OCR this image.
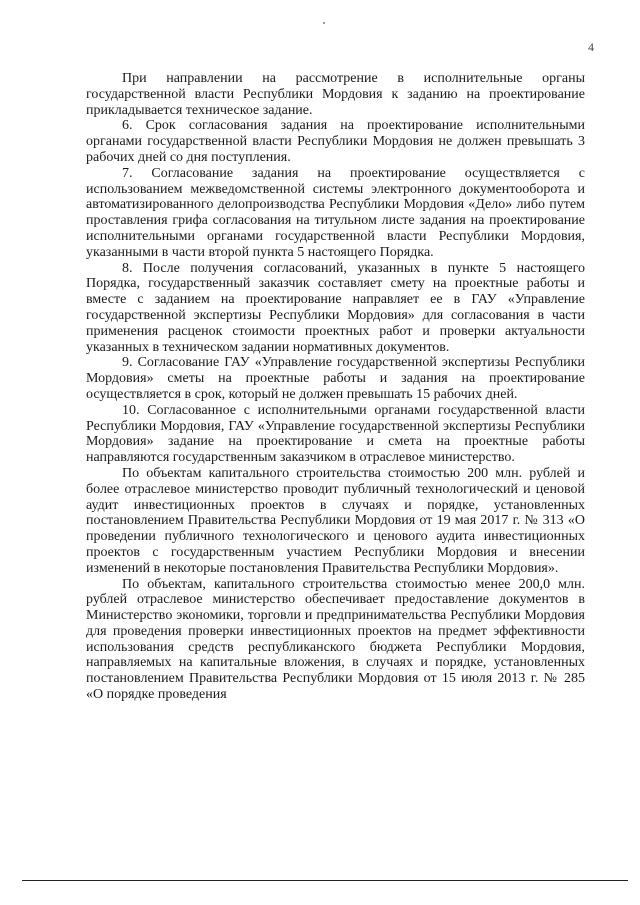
4

При направлении на рассмотрение в исполнительные органы государственной власти Республики Мордовия к заданию на проектирование прикладывается техническое задание.

6. Срок согласования задания на проектирование исполнительными органами государственной власти Республики Мордовия не должен превышать 3 рабочих дней со дня поступления.

7. Согласование задания на проектирование осуществляется с использованием межведомственной системы электронного документооборота и автоматизированного делопроизводства Республики Мордовия «Дело» либо путем проставления грифа согласования на титульном листе задания на проектирование исполнительными органами государственной власти Республики Мордовия, указанными в части второй пункта 5 настоящего Порядка.

8. После получения согласований, указанных в пункте 5 настоящего Порядка, государственный заказчик составляет смету на проектные работы и вместе с заданием на проектирование направляет ее в ГАУ «Управление государственной экспертизы Республики Мордовия» для согласования в части применения расценок стоимости проектных работ и проверки актуальности указанных в техническом задании нормативных документов.

9. Согласование ГАУ «Управление государственной экспертизы Республики Мордовия» сметы на проектные работы и задания на проектирование осуществляется в срок, который не должен превышать 15 рабочих дней.

10. Согласованное с исполнительными органами государственной власти Республики Мордовия, ГАУ «Управление государственной экспертизы Республики Мордовия» задание на проектирование и смета на проектные работы направляются государственным заказчиком в отраслевое министерство.

По объектам капитального строительства стоимостью 200 млн. рублей и более отраслевое министерство проводит публичный технологический и ценовой аудит инвестиционных проектов в случаях и порядке, установленных постановлением Правительства Республики Мордовия от 19 мая 2017 г. № 313 «О проведении публичного технологического и ценового аудита инвестиционных проектов с государственным участием Республики Мордовия и внесении изменений в некоторые постановления Правительства Республики Мордовия».

По объектам, капитального строительства стоимостью менее 200,0 млн. рублей отраслевое министерство обеспечивает предоставление документов в Министерство экономики, торговли и предпринимательства Республики Мордовия для проведения проверки инвестиционных проектов на предмет эффективности использования средств республиканского бюджета Республики Мордовия, направляемых на капитальные вложения, в случаях и порядке, установленных постановлением Правительства Республики Мордовия от 15 июля 2013 г. № 285 «О порядке проведения
